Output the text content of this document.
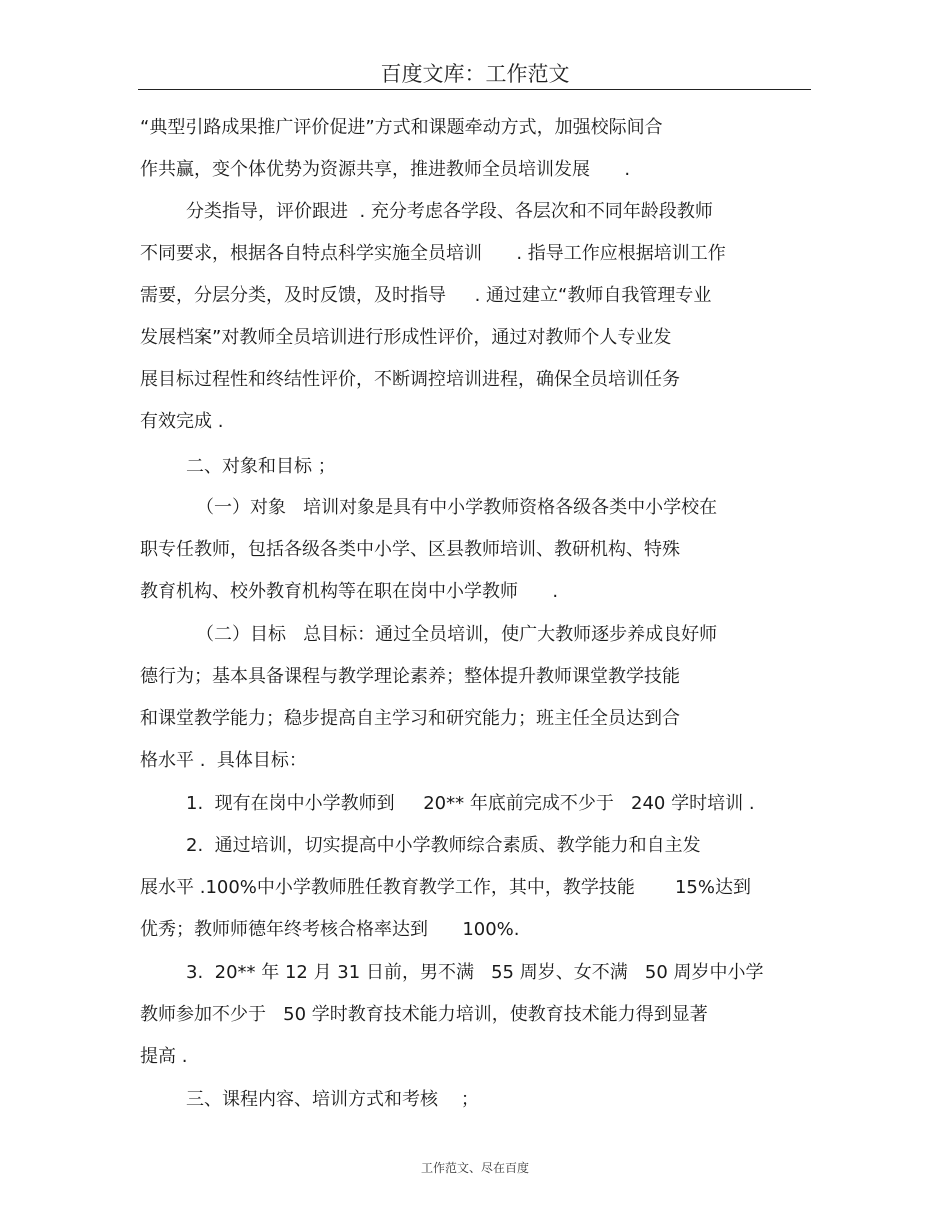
百度文库：工作范文
“典型引路成果推广评价促进”方式和课题牵动方式，加强校际间合
作共赢，变个体优势为资源共享，推进教师全员培训发展      .
分类指导，评价跟进  . 充分考虑各学段、各层次和不同年龄段教师
不同要求，根据各自特点科学实施全员培训      . 指导工作应根据培训工作
需要，分层分类，及时反馈，及时指导     . 通过建立“教师自我管理专业
发展档案”对教师全员培训进行形成性评价，通过对教师个人专业发
展目标过程性和终结性评价，不断调控培训进程，确保全员培训任务
有效完成 .
二、对象和目标 ；
（一）对象   培训对象是具有中小学教师资格各级各类中小学校在
职专任教师，包括各级各类中小学、区县教师培训、教研机构、特殊
教育机构、校外教育机构等在职在岗中小学教师      .
（二）目标   总目标：通过全员培训，使广大教师逐步养成良好师
德行为；基本具备课程与教学理论素养；整体提升教师课堂教学技能
和课堂教学能力；稳步提高自主学习和研究能力；班主任全员达到合
格水平 .  具体目标：
1.  现有在岗中小学教师到     20** 年底前完成不少于   240 学时培训 .
2.  通过培训，切实提高中小学教师综合素质、教学能力和自主发
展水平 .100%中小学教师胜任教育教学工作，其中，教学技能       15%达到
优秀；教师师德年终考核合格率达到      100%.
3.  20** 年 12 月 31 日前，男不满   55 周岁、女不满   50 周岁中小学
教师参加不少于   50 学时教育技术能力培训，使教育技术能力得到显著
提高 .
三、课程内容、培训方式和考核    ；
工作范文、尽在百度
